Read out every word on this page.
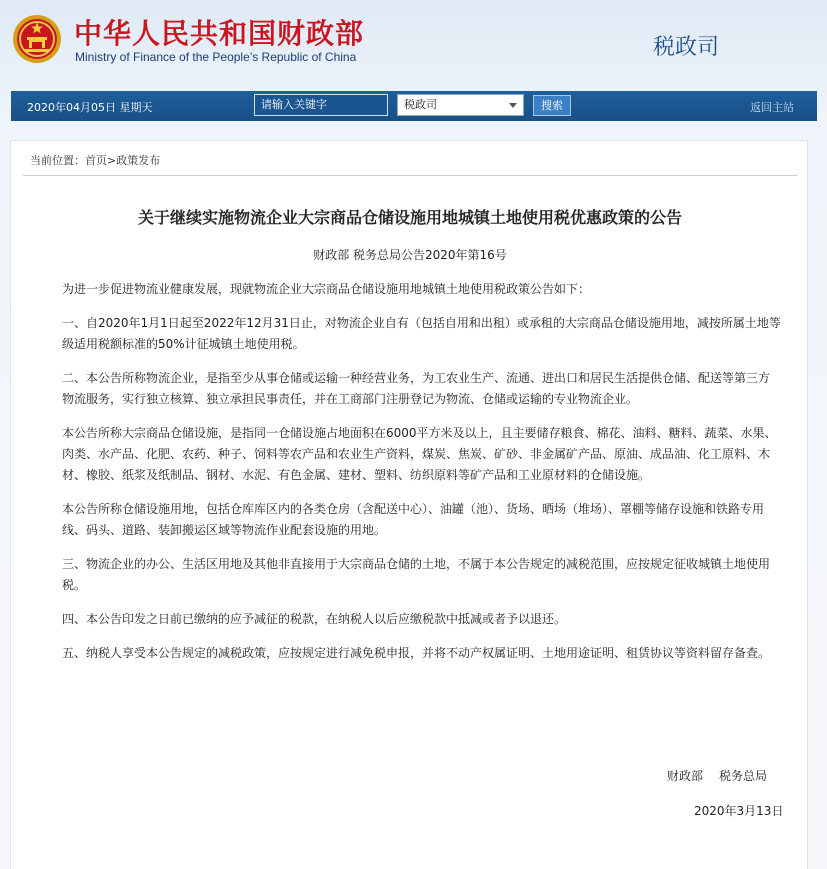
中华人民共和国财政部
Ministry of Finance of the People’s Republic of China	税政司
2020年04月05日 星期天	请输入关键字	税政司	搜索	返回主站
当前位置：首页>政策发布
关于继续实施物流企业大宗商品仓储设施用地城镇土地使用税优惠政策的公告
财政部 税务总局公告2020年第16号

为进一步促进物流业健康发展，现就物流企业大宗商品仓储设施用地城镇土地使用税政策公告如下：

一、自2020年1月1日起至2022年12月31日止，对物流企业自有（包括自用和出租）或承租的大宗商品仓储设施用地，减按所属土地等级适用税额标准的50%计征城镇土地使用税。

二、本公告所称物流企业，是指至少从事仓储或运输一种经营业务，为工农业生产、流通、进出口和居民生活提供仓储、配送等第三方物流服务，实行独立核算、独立承担民事责任，并在工商部门注册登记为物流、仓储或运输的专业物流企业。

本公告所称大宗商品仓储设施，是指同一仓储设施占地面积在6000平方米及以上，且主要储存粮食、棉花、油料、糖料、蔬菜、水果、肉类、水产品、化肥、农药、种子、饲料等农产品和农业生产资料，煤炭、焦炭、矿砂、非金属矿产品、原油、成品油、化工原料、木材、橡胶、纸浆及纸制品、钢材、水泥、有色金属、建材、塑料、纺织原料等矿产品和工业原材料的仓储设施。

本公告所称仓储设施用地，包括仓库库区内的各类仓房（含配送中心）、油罐（池）、货场、晒场（堆场）、罩棚等储存设施和铁路专用线、码头、道路、装卸搬运区域等物流作业配套设施的用地。

三、物流企业的办公、生活区用地及其他非直接用于大宗商品仓储的土地，不属于本公告规定的减税范围，应按规定征收城镇土地使用税。

四、本公告印发之日前已缴纳的应予减征的税款，在纳税人以后应缴税款中抵减或者予以退还。

五、纳税人享受本公告规定的减税政策，应按规定进行减免税申报，并将不动产权属证明、土地用途证明、租赁协议等资料留存备查。

财政部 税务总局
2020年3月13日
